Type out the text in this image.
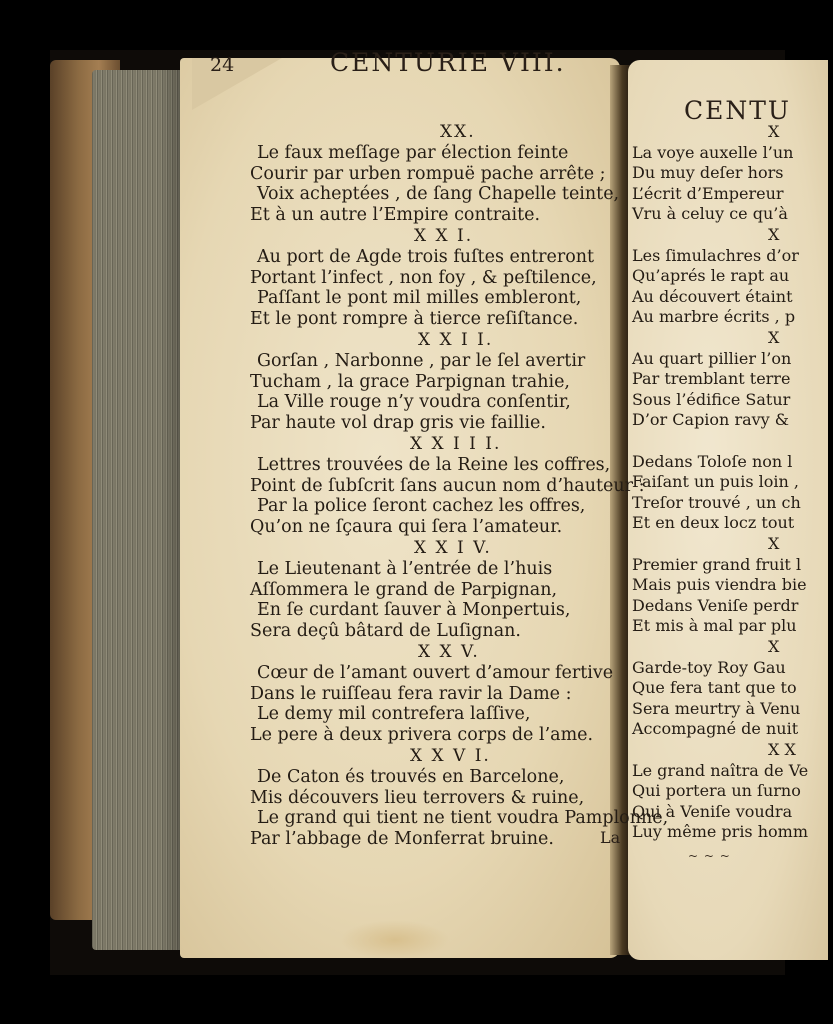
24	CENTURIE VIII.
XX.
Le faux meſſage par élection feinte
Courir par urben rompuë pache arrête ;
Voix acheptées , de ſang Chapelle teinte,
Et à un autre l’Empire contraite.
X X I.
Au port de Agde trois fuſtes entreront
Portant l’infect , non foy , & peſtilence,
Paſſant le pont mil milles embleront,
Et le pont rompre à tierce reſiſtance.
X X I I.
Gorſan , Narbonne , par le ſel avertir
Tucham , la grace Parpignan trahie,
La Ville rouge n’y voudra conſentir,
Par haute vol drap gris vie faillie.
X X I I I.
Lettres trouvées de la Reine les coffres,
Point de ſubſcrit ſans aucun nom d’hauteur :
Par la police ſeront cachez les offres,
Qu’on ne ſçaura qui ſera l’amateur.
X X I V.
Le Lieutenant à l’entrée de l’huis
Aſſommera le grand de Parpignan,
En ſe curdant ſauver à Monpertuis,
Sera deçû bâtard de Luſignan.
X X V.
Cœur de l’amant ouvert d’amour fertive
Dans le ruiſſeau fera ravir la Dame :
Le demy mil contrefera laſſive,
Le pere à deux privera corps de l’ame.
X X V I.
De Caton és trouvés en Barcelone,
Mis découvers lieu terrovers & ruine,
Le grand qui tient ne tient voudra Pamplonne,
Par l’abbage de Monferrat bruine.	La
X
La voye auxelle l’un
Du muy deſer hors
L’écrit d’Empereur
Vru à celuy ce qu’à
X
Les ſimulachres d’or
Qu’aprés le rapt au
Au découvert étaint
Au marbre écrits , p
X
Au quart pillier l’on
Par tremblant terre
Sous l’édifice Satur
D’or Capion ravy &
Dedans Toloſe non l
Faiſant un puis loin ,
Treſor trouvé , un ch
Et en deux locz tout
X
Premier grand fruit l
Mais puis viendra bie
Dedans Veniſe perdr
Et mis à mal par plu
X
Garde-toy Roy Gau
Que fera tant que to
Sera meurtry à Venu
Accompagné de nuit
X X
Le grand naîtra de Ve
Qui portera un ſurno
Qui à Veniſe voudra
Luy même pris homm
~ ~ ~
CENTU
